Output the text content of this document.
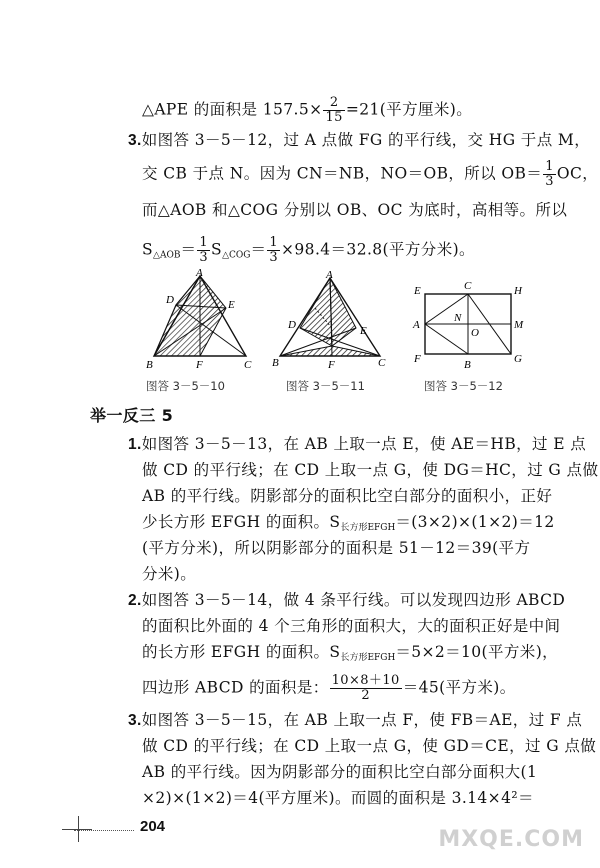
△APE 的面积是 $157.5\times \frac{2}{15} =21$(平方厘米)。
3.如图答 3－5－12，过 A 点做 FG 的平行线，交 HG 于点 M，
交 CB 于点 N。因为 CN＝NB，NO＝OB，所以 $OB= \frac{1}{3}$ OC，
而△AOB 和△COG 分别以 OB、OC 为底时，高相等。所以
$S_{\triangle AOB}= \frac{1}{3} S_{\triangle COG}= \frac{1}{3} \times 98.4=32.8$(平方分米)。
A
D	E
B	F	C
图答 3－5－10
A
D	E
B	F	C
图答 3－5－11
E	C	H
A
N
M
O
F	B	G
图答 3－5－12
举一反三 5
1.如图答 3－5－13，在 AB 上取一点 E，使 AE＝HB，过 E 点
做 CD 的平行线；在 CD 上取一点 G，使 DG＝HC，过 G 点做
AB 的平行线。阴影部分的面积比空白部分的面积小，正好
少长方形 EFGH 的面积。$S_{长方形EFGH}=(3\times 2)\times(1\times 2)=12$
(平方分米)，所以阴影部分的面积是 51－12＝39(平方
分米)。
2.如图答 3－5－14，做 4 条平行线。可以发现四边形 ABCD
的面积比外面的 4 个三角形的面积大，大的面积正好是中间
的长方形 EFGH 的面积。$S_{长方形EFGH}=5\times 2=10$(平方米)，
四边形 ABCD 的面积是： $\frac{10\times 8+10}{2} =45$(平方米)。
3.如图答 3－5－15，在 AB 上取一点 F，使 FB＝AE，过 F 点
做 CD 的平行线；在 CD 上取一点 G，使 GD＝CE，过 G 点做
AB 的平行线。因为阴影部分的面积比空白部分面积大(1
×2)×(1×2)＝4(平方厘米)。而圆的面积是 3.14×4²＝
204
MXQE.COM
